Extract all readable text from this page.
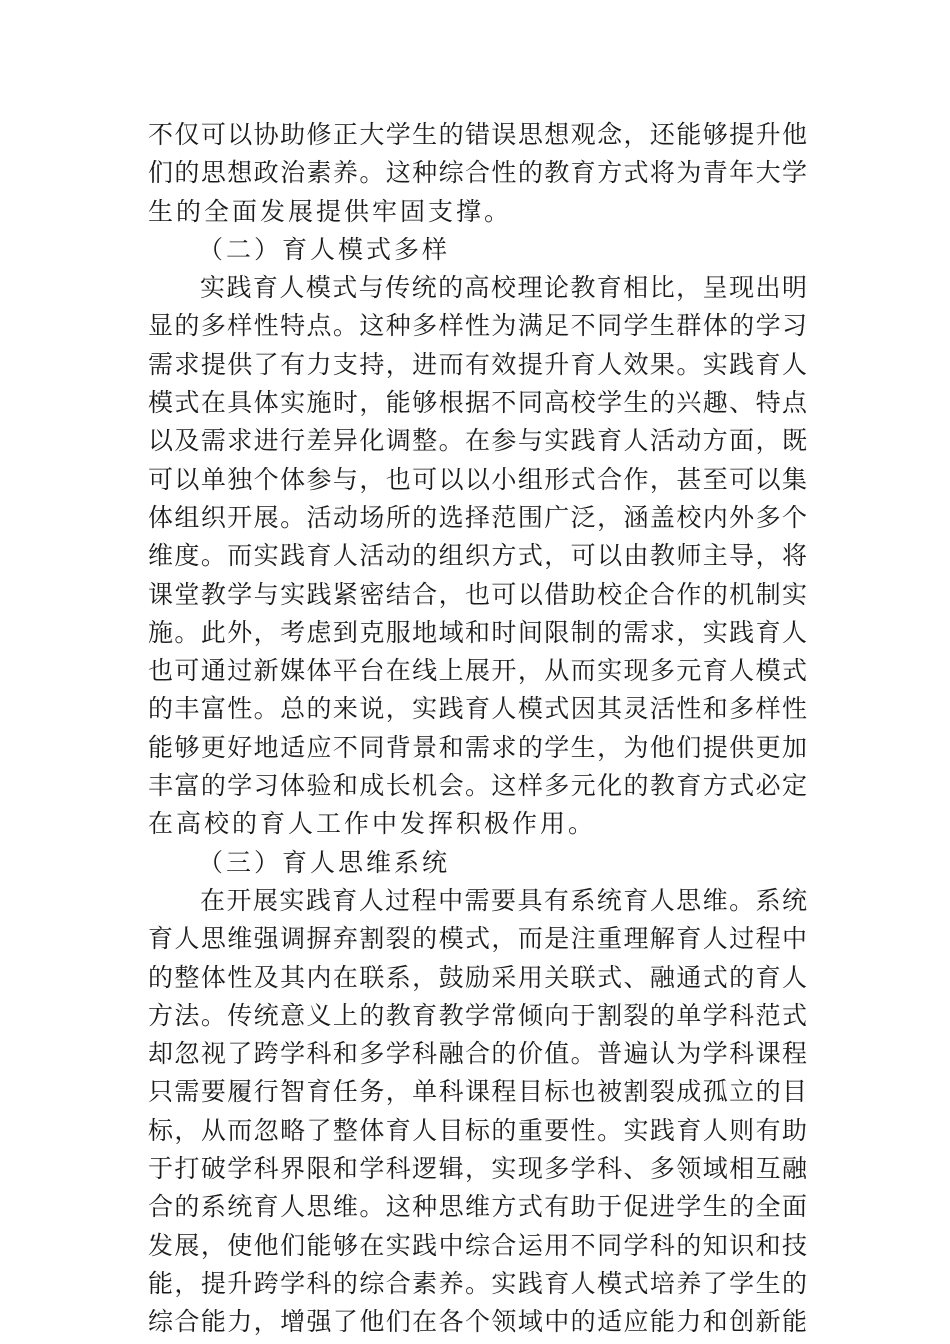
不仅可以协助修正大学生的错误思想观念，还能够提升他
们的思想政治素养。这种综合性的教育方式将为青年大学
生的全面发展提供牢固支撑。
（二）育人模式多样
实践育人模式与传统的高校理论教育相比，呈现出明
显的多样性特点。这种多样性为满足不同学生群体的学习
需求提供了有力支持，进而有效提升育人效果。实践育人
模式在具体实施时，能够根据不同高校学生的兴趣、特点
以及需求进行差异化调整。在参与实践育人活动方面，既
可以单独个体参与，也可以以小组形式合作，甚至可以集
体组织开展。活动场所的选择范围广泛，涵盖校内外多个
维度。而实践育人活动的组织方式，可以由教师主导，将
课堂教学与实践紧密结合，也可以借助校企合作的机制实
施。此外，考虑到克服地域和时间限制的需求，实践育人
也可通过新媒体平台在线上展开，从而实现多元育人模式
的丰富性。总的来说，实践育人模式因其灵活性和多样性
能够更好地适应不同背景和需求的学生，为他们提供更加
丰富的学习体验和成长机会。这样多元化的教育方式必定
在高校的育人工作中发挥积极作用。
（三）育人思维系统
在开展实践育人过程中需要具有系统育人思维。系统
育人思维强调摒弃割裂的模式，而是注重理解育人过程中
的整体性及其内在联系，鼓励采用关联式、融通式的育人
方法。传统意义上的教育教学常倾向于割裂的单学科范式
却忽视了跨学科和多学科融合的价值。普遍认为学科课程
只需要履行智育任务，单科课程目标也被割裂成孤立的目
标，从而忽略了整体育人目标的重要性。实践育人则有助
于打破学科界限和学科逻辑，实现多学科、多领域相互融
合的系统育人思维。这种思维方式有助于促进学生的全面
发展，使他们能够在实践中综合运用不同学科的知识和技
能，提升跨学科的综合素养。实践育人模式培养了学生的
综合能力，增强了他们在各个领域中的适应能力和创新能
